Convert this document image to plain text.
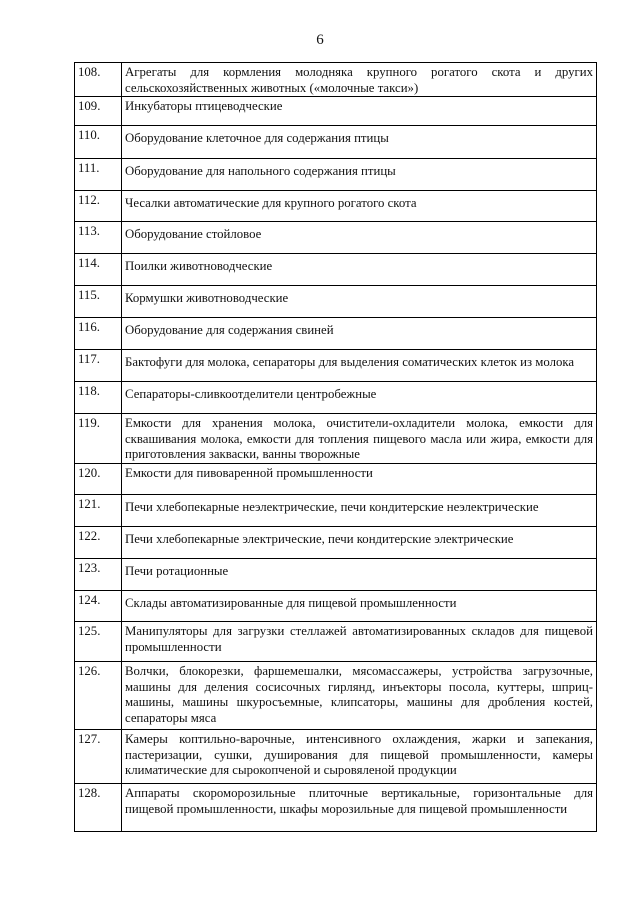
6
108.	Агрегаты для кормления молодняка крупного рогатого скота и других сельскохозяйственных животных («молочные такси»)
109.	Инкубаторы птицеводческие
110.	Оборудование клеточное для содержания птицы
111.	Оборудование для напольного содержания птицы
112.	Чесалки автоматические для крупного рогатого скота
113.	Оборудование стойловое
114.	Поилки животноводческие
115.	Кормушки животноводческие
116.	Оборудование для содержания свиней
117.	Бактофуги для молока, сепараторы для выделения соматических клеток из молока
118.	Сепараторы-сливкоотделители центробежные
119.	Емкости для хранения молока, очистители-охладители молока, емкости для сквашивания молока, емкости для топления пищевого масла или жира, емкости для приготовления закваски, ванны творожные
120.	Емкости для пивоваренной промышленности
121.	Печи хлебопекарные неэлектрические, печи кондитерские неэлектрические
122.	Печи хлебопекарные электрические, печи кондитерские электрические
123.	Печи ротационные
124.	Склады автоматизированные для пищевой промышленности
125.	Манипуляторы для загрузки стеллажей автоматизированных складов для пищевой промышленности
126.	Волчки, блокорезки, фаршемешалки, мясомассажеры, устройства загрузочные, машины для деления сосисочных гирлянд, инъекторы посола, куттеры, шприц-машины, машины шкуросъемные, клипсаторы, машины для дробления костей, сепараторы мяса
127.	Камеры коптильно-варочные, интенсивного охлаждения, жарки и запекания, пастеризации, сушки, душирования для пищевой промышленности, камеры климатические для сырокопченой и сыровяленой продукции
128.	Аппараты скороморозильные плиточные вертикальные, горизонтальные для пищевой промышленности, шкафы морозильные для пищевой промышленности
